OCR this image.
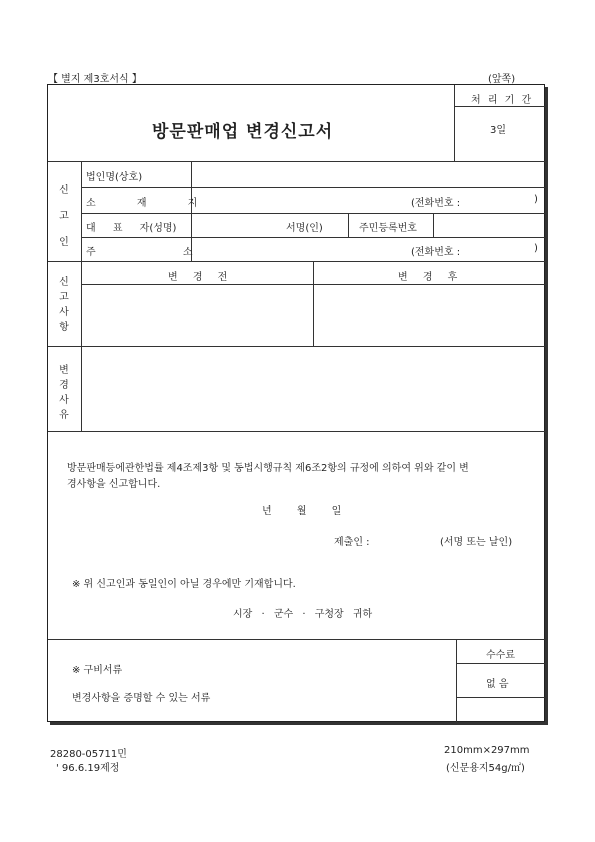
【 별지 제3호서식 】	(앞쪽)
방문판매업 변경신고서
처 리 기 간
3일
신고인
법인명(상호)
소 재 지	(전화번호 :	)
대 표 자(성명)	서명(인)	주민등록번호
주 소	(전화번호 :	)
신고사항
변 경 전	변 경 후
변경사유
방문판매등에관한법률 제4조제3항 및 동법시행규칙 제6조2항의 규정에 의하여 위와 같이 변
경사항을 신고합니다.
년 월 일
제출인 :	(서명 또는 날인)
※ 위 신고인과 동일인이 아닐 경우에만 기재합니다.
시장 · 군수 · 구청장 귀하
※ 구비서류
변경사항을 증명할 수 있는 서류
수수료
없 음
28280-05711민
' 96.6.19제정
210mm×297mm
(신문용지54g/㎡)
